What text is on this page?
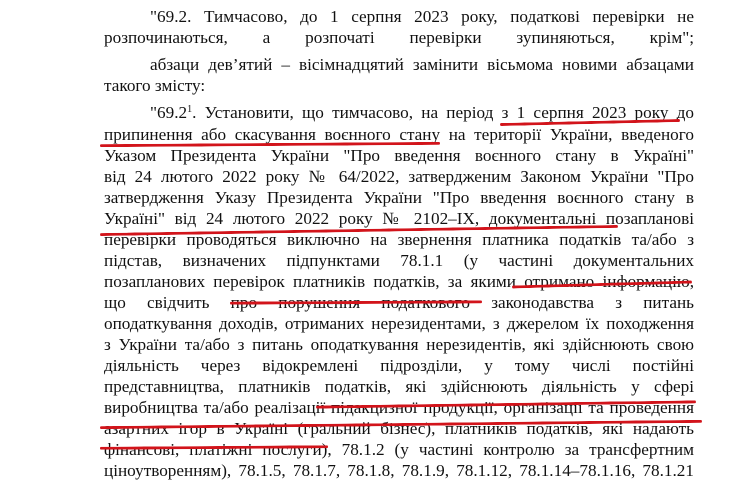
"69.2. Тимчасово, до 1 серпня 2023 року, податкові перевірки не
розпочинаються, а розпочаті перевірки зупиняються, крім";
абзаци дев’ятий – вісімнадцятий замінити вісьмома новими абзацами
такого змісту:
"69.2$^1$. Установити, що тимчасово, на період з 1 серпня 2023 року до
припинення або скасування воєнного стану на території України, введеного
Указом Президента України "Про введення воєнного стану в Україні"
від 24 лютого 2022 року № 64/2022, затвердженим Законом України "Про
затвердження Указу Президента України "Про введення воєнного стану в
Україні" від 24 лютого 2022 року № 2102–IX, документальні позапланові
перевірки проводяться виключно на звернення платника податків та/або з
підстав, визначених підпунктами 78.1.1 (у частині документальних
позапланових перевірок платників податків, за якими отримано інформацію,
що свідчить про порушення податкового законодавства з питань
оподаткування доходів, отриманих нерезидентами, з джерелом їх походження
з України та/або з питань оподаткування нерезидентів, які здійснюють свою
діяльність через відокремлені підрозділи, у тому числі постійні
представництва, платників податків, які здійснюють діяльність у сфері
виробництва та/або реалізації підакцизної продукції, організації та проведення
азартних ігор в Україні (гральний бізнес), платників податків, які надають
фінансові, платіжні послуги), 78.1.2 (у частині контролю за трансфертним
ціноутворенням), 78.1.5, 78.1.7, 78.1.8, 78.1.9, 78.1.12, 78.1.14–78.1.16, 78.1.21
